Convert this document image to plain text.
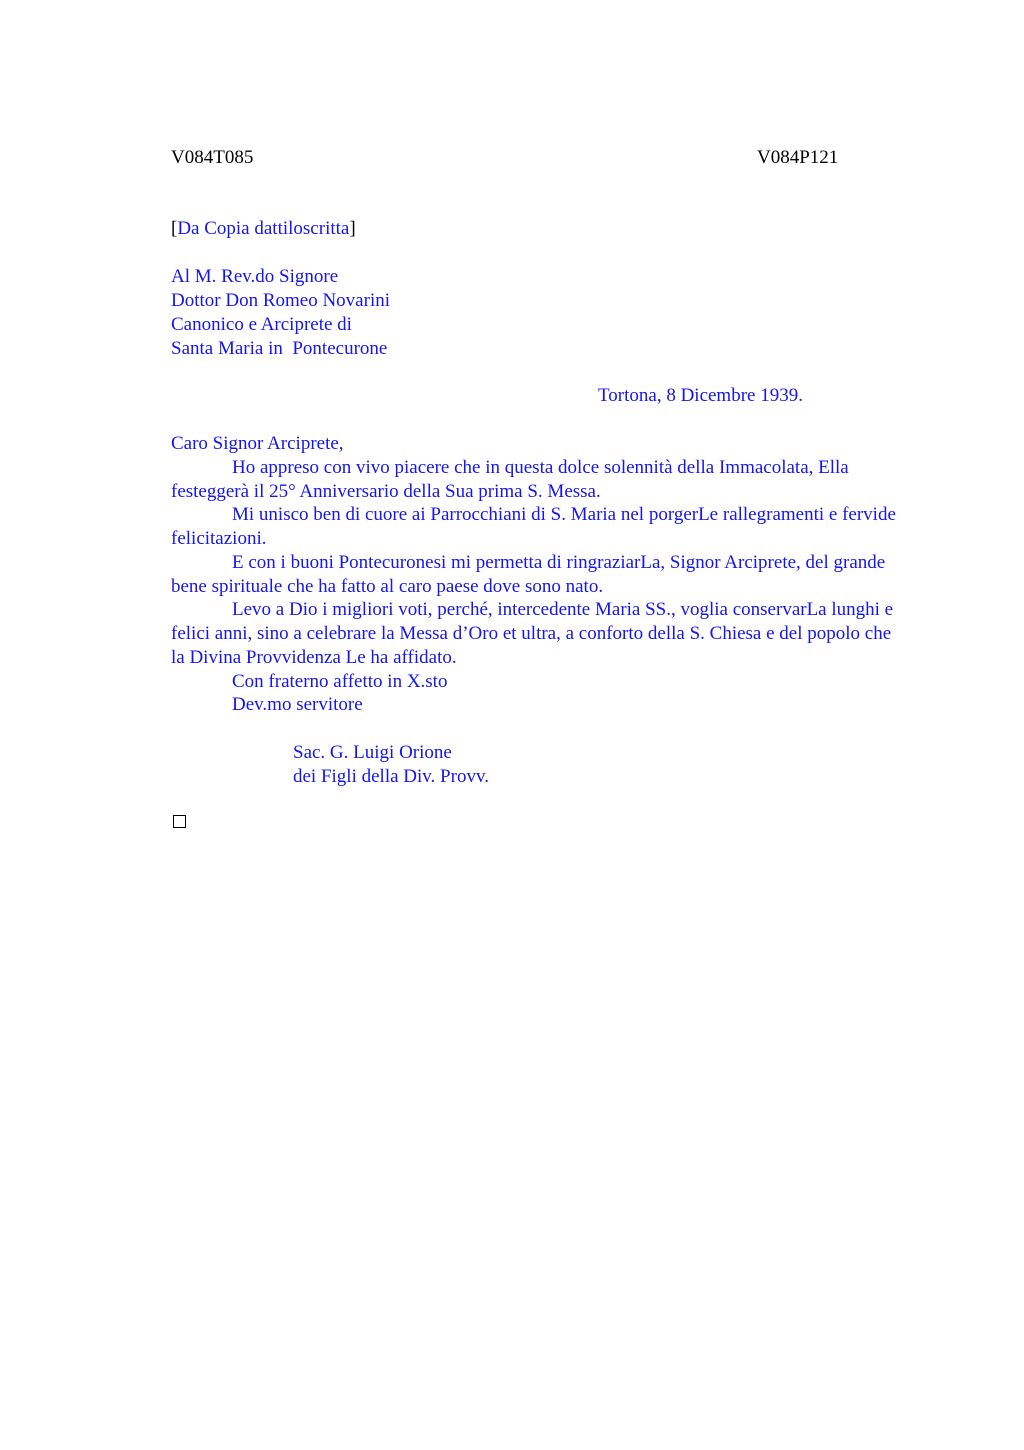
V084T085	V084P121
[Da Copia dattiloscritta]
Al M. Rev.do Signore
Dottor Don Romeo Novarini
Canonico e Arciprete di
Santa Maria in  Pontecurone
Tortona, 8 Dicembre 1939.
Caro Signor Arciprete,
Ho appreso con vivo piacere che in questa dolce solennità della Immacolata, Ella festeggerà il 25° Anniversario della Sua prima S. Messa.
Mi unisco ben di cuore ai Parrocchiani di S. Maria nel porgerLe rallegramenti e fervide felicitazioni.
E con i buoni Pontecuronesi mi permetta di ringraziarLa, Signor Arciprete, del grande bene spirituale che ha fatto al caro paese dove sono nato.
Levo a Dio i migliori voti, perché, intercedente Maria SS., voglia conservarLa lunghi e felici anni, sino a celebrare la Messa d’Oro et ultra, a conforto della S. Chiesa e del popolo che la Divina Provvidenza Le ha affidato.
Con fraterno affetto in X.sto
Dev.mo servitore
Sac. G. Luigi Orione
dei Figli della Div. Provv.
